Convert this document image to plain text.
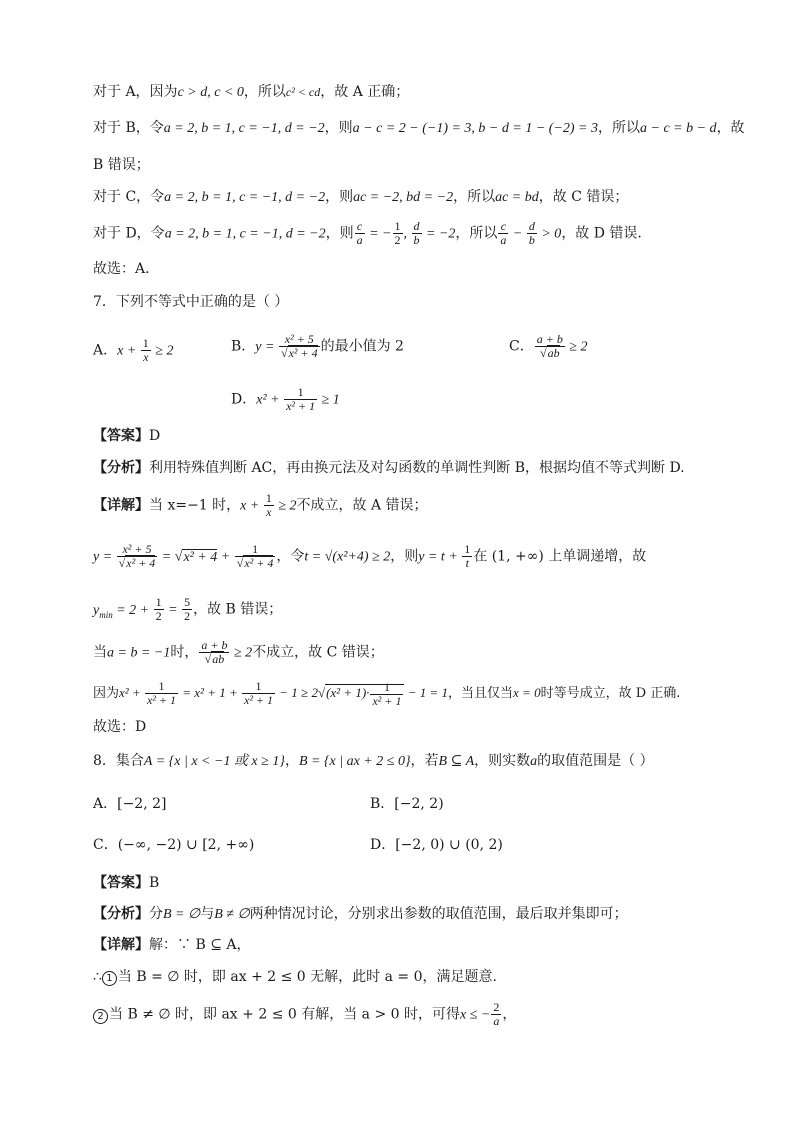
对于 A，因为c > d, c < 0，所以c² < cd，故 A 正确；
对于 B，令a = 2, b = 1, c = −1, d = −2，则a − c = 2 − (−1) = 3, b − d = 1 − (−2) = 3，所以a − c = b − d，故
B 错误；
对于 C，令a = 2, b = 1, c = −1, d = −2，则ac = −2, bd = −2，所以ac = bd，故 C 错误；
对于 D，令a = 2, b = 1, c = −1, d = −2，则 $\frac{c}{a}$ = − $\frac{1}{2}$ , $\frac{d}{b} = -2$，所以 $\frac{c}{a} - \frac{d}{b} > 0$，故 D 错误.
故选：A.
7．下列不等式中正确的是（ ）
A．$x + \frac{1}{x} \ge 2$	B．$y = \frac{\text{x² + 5}}{\text{√x² + 4}}$ 的最小值为 2	C． $\frac{a + b}{√ab} \ge 2$
D．$x^2 + \frac{1}{\text{x² + 1}} \ge 1$
【答案】D
【分析】利用特殊值判断 AC，再由换元法及对勾函数的单调性判断 B，根据均值不等式判断 D.
【详解】当 x=−1 时，$x + \frac{1}{x} \ge 2$不成立，故 A 错误；
$y = \frac{\text{x² + 5}}{\text{√x² + 4}} = √x^2 + 4 + \frac{1}{\text{√x² + 4}}$ ，令t = √(x²+4) ≥ 2，则$y = t + \frac{1}{t}$ 在 (1, +∞) 上单调递增，故
$y_{min} = 2 + \frac{1}{2} = \frac{5}{2}$ ，故 B 错误；
当a = b = −1时， $\frac{a + b}{√ab} \ge 2$不成立，故 C 错误；
因为$x^2 + \frac{1}{\text{x² + 1}} = x^2 + 1 + \frac{1}{\text{x² + 1}} - 1 \ge 2√(x^2 + 1)\cdot \frac{1}{\text{x² + 1}} - 1 = 1$，当且仅当x = 0时等号成立，故 D 正确.
故选：D
8．集合A = {x | x < −1 或 x ≥ 1}，B = {x | ax + 2 ≤ 0}，若B ⊆ A，则实数a的取值范围是（ ）
A．[−2, 2]	B．[−2, 2)
C．(−∞, −2) ∪ [2, +∞)	D．[−2, 0) ∪ (0, 2)
【答案】B
【分析】分B = ∅与B ≠ ∅两种情况讨论，分别求出参数的取值范围，最后取并集即可；
【详解】解：∵ B ⊆ A，
∴ 1 当 B = ∅ 时，即 ax + 2 ≤ 0 无解，此时 a = 0，满足题意.
2 当 B ≠ ∅ 时，即 ax + 2 ≤ 0 有解，当 a > 0 时，可得x ≤ − $\frac{2}{a}$ ，
